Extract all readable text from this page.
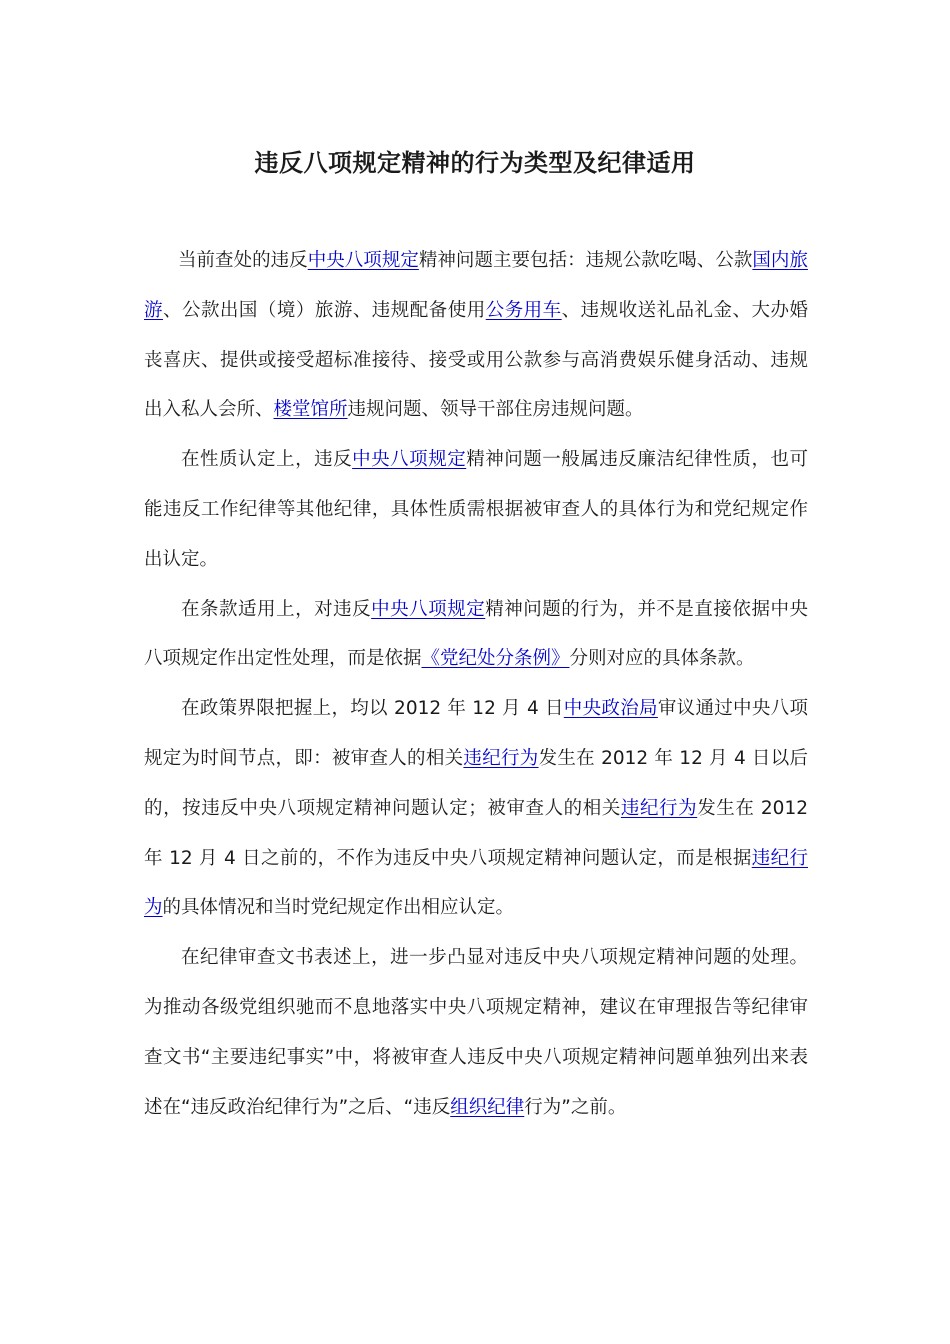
违反八项规定精神的行为类型及纪律适用

当前查处的违反中央八项规定精神问题主要包括：违规公款吃喝、公款国内旅游、公款出国（境）旅游、违规配备使用公务用车、违规收送礼品礼金、大办婚丧喜庆、提供或接受超标准接待、接受或用公款参与高消费娱乐健身活动、违规出入私人会所、楼堂馆所违规问题、领导干部住房违规问题。

在性质认定上，违反中央八项规定精神问题一般属违反廉洁纪律性质，也可能违反工作纪律等其他纪律，具体性质需根据被审查人的具体行为和党纪规定作出认定。

在条款适用上，对违反中央八项规定精神问题的行为，并不是直接依据中央八项规定作出定性处理，而是依据《党纪处分条例》分则对应的具体条款。

在政策界限把握上，均以 2012 年 12 月 4 日中央政治局审议通过中央八项规定为时间节点，即：被审查人的相关违纪行为发生在 2012 年 12 月 4 日以后的，按违反中央八项规定精神问题认定；被审查人的相关违纪行为发生在 2012 年 12 月 4 日之前的，不作为违反中央八项规定精神问题认定，而是根据违纪行为的具体情况和当时党纪规定作出相应认定。

在纪律审查文书表述上，进一步凸显对违反中央八项规定精神问题的处理。为推动各级党组织驰而不息地落实中央八项规定精神，建议在审理报告等纪律审查文书“主要违纪事实”中，将被审查人违反中央八项规定精神问题单独列出来表述在“违反政治纪律行为”之后、“违反组织纪律行为”之前。
